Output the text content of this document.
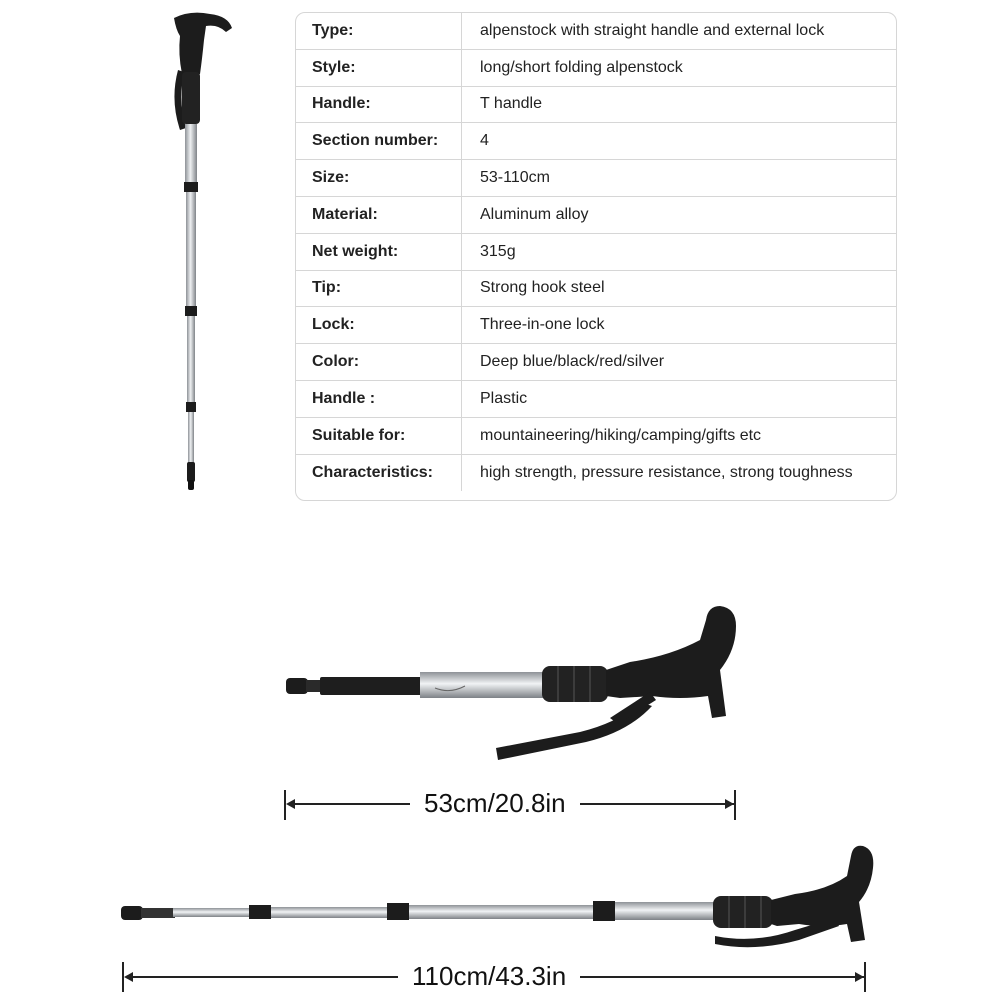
Type:	alpenstock with straight handle and external lock
Style:	long/short folding alpenstock
Handle:	T handle
Section number:	4
Size:	53-110cm
Material:	Aluminum alloy
Net weight:	315g
Tip:	Strong hook steel
Lock:	Three-in-one lock
Color:	Deep blue/black/red/silver
Handle :	Plastic
Suitable for:	mountaineering/hiking/camping/gifts etc
Characteristics:	high strength, pressure resistance, strong toughness
53cm/20.8in
110cm/43.3in
